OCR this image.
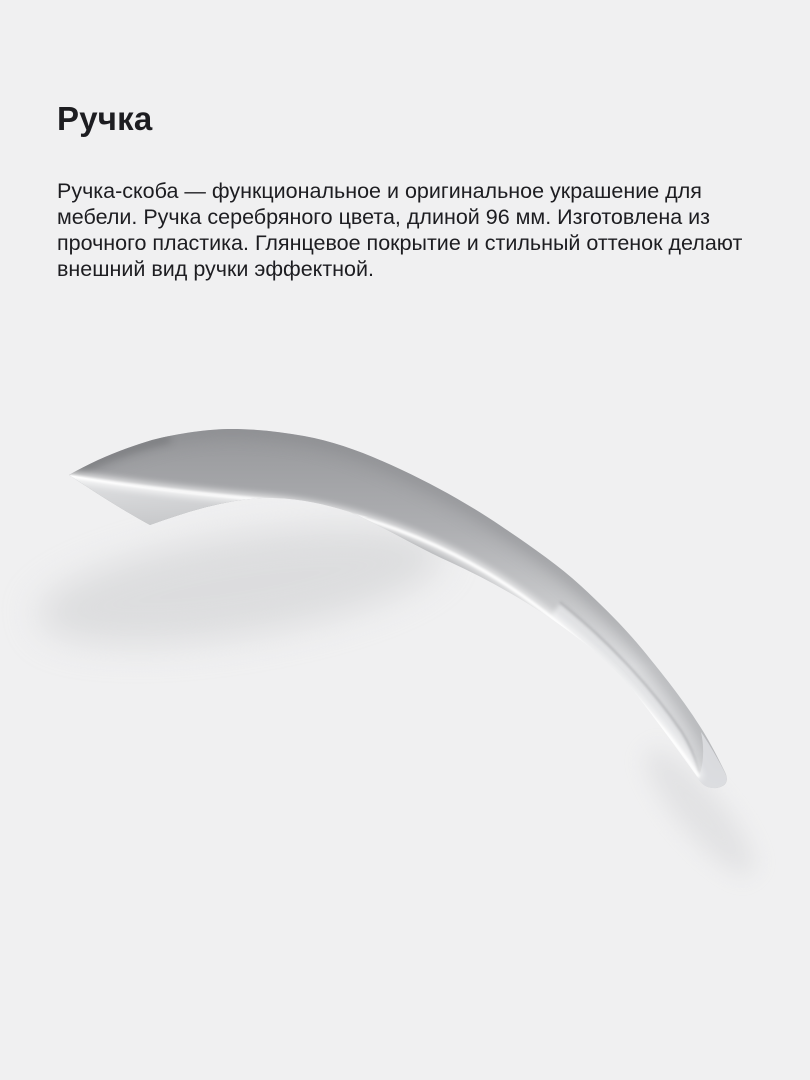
Ручка

Ручка-скоба — функциональное и оригинальное украшение для
мебели. Ручка серебряного цвета, длиной 96 мм. Изготовлена из
прочного пластика. Глянцевое покрытие и стильный оттенок делают
внешний вид ручки эффектной.
